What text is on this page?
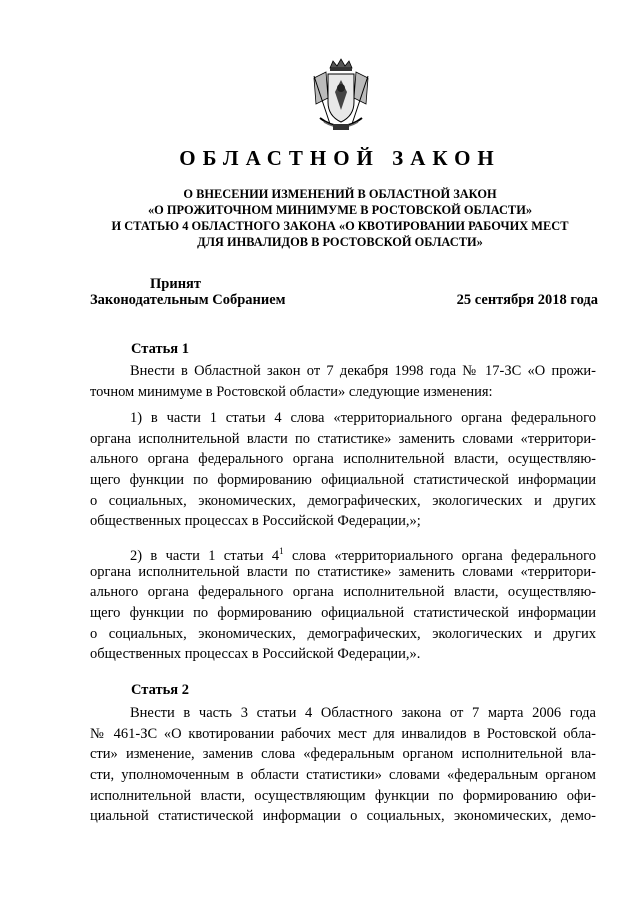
ОБЛАСТНОЙ ЗАКОН
О ВНЕСЕНИИ ИЗМЕНЕНИЙ В ОБЛАСТНОЙ ЗАКОН
«О ПРОЖИТОЧНОМ МИНИМУМЕ В РОСТОВСКОЙ ОБЛАСТИ»
И СТАТЬЮ 4 ОБЛАСТНОГО ЗАКОНА «О КВОТИРОВАНИИ РАБОЧИХ МЕСТ
ДЛЯ ИНВАЛИДОВ В РОСТОВСКОЙ ОБЛАСТИ»
Принят
Законодательным Собранием	25 сентября 2018 года
Статья 1
Внести в Областной закон от 7 декабря 1998 года № 17-ЗС «О прожи-
точном минимуме в Ростовской области» следующие изменения:
1) в части 1 статьи 4 слова «территориального органа федерального
органа исполнительной власти по статистике» заменить словами «территори-
ального органа федерального органа исполнительной власти, осуществляю-
щего функции по формированию официальной статистической информации
о социальных, экономических, демографических, экологических и других
общественных процессах в Российской Федерации,»;
2) в части 1 статьи $4^1$ слова «территориального органа федерального
органа исполнительной власти по статистике» заменить словами «территори-
ального органа федерального органа исполнительной власти, осуществляю-
щего функции по формированию официальной статистической информации
о социальных, экономических, демографических, экологических и других
общественных процессах в Российской Федерации,».
Статья 2
Внести в часть 3 статьи 4 Областного закона от 7 марта 2006 года
№ 461-ЗС «О квотировании рабочих мест для инвалидов в Ростовской обла-
сти» изменение, заменив слова «федеральным органом исполнительной вла-
сти, уполномоченным в области статистики» словами «федеральным органом
исполнительной власти, осуществляющим функции по формированию офи-
циальной статистической информации о социальных, экономических, демо-
